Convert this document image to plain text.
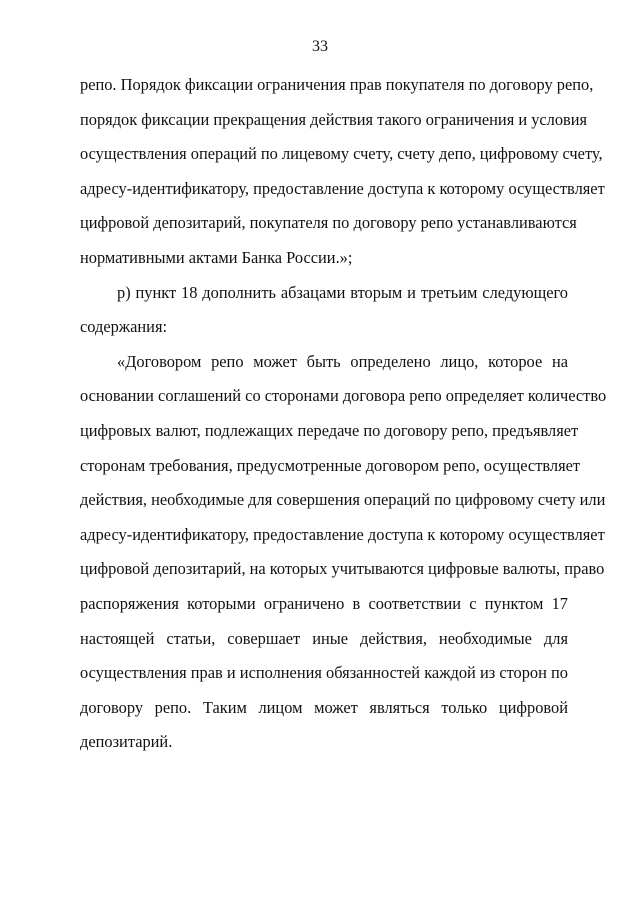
33
репо. Порядок фиксации ограничения прав покупателя по договору репо,
порядок фиксации прекращения действия такого ограничения и условия
осуществления операций по лицевому счету, счету депо, цифровому счету,
адресу-идентификатору, предоставление доступа к которому осуществляет
цифровой депозитарий, покупателя по договору репо устанавливаются
нормативными актами Банка России.»;
р) пункт 18 дополнить абзацами вторым и третьим следующего
содержания:
«Договором репо может быть определено лицо, которое на
основании соглашений со сторонами договора репо определяет количество
цифровых валют, подлежащих передаче по договору репо, предъявляет
сторонам требования, предусмотренные договором репо, осуществляет
действия, необходимые для совершения операций по цифровому счету или
адресу-идентификатору, предоставление доступа к которому осуществляет
цифровой депозитарий, на которых учитываются цифровые валюты, право
распоряжения которыми ограничено в соответствии с пунктом 17
настоящей статьи, совершает иные действия, необходимые для
осуществления прав и исполнения обязанностей каждой из сторон по
договору репо. Таким лицом может являться только цифровой
депозитарий.
